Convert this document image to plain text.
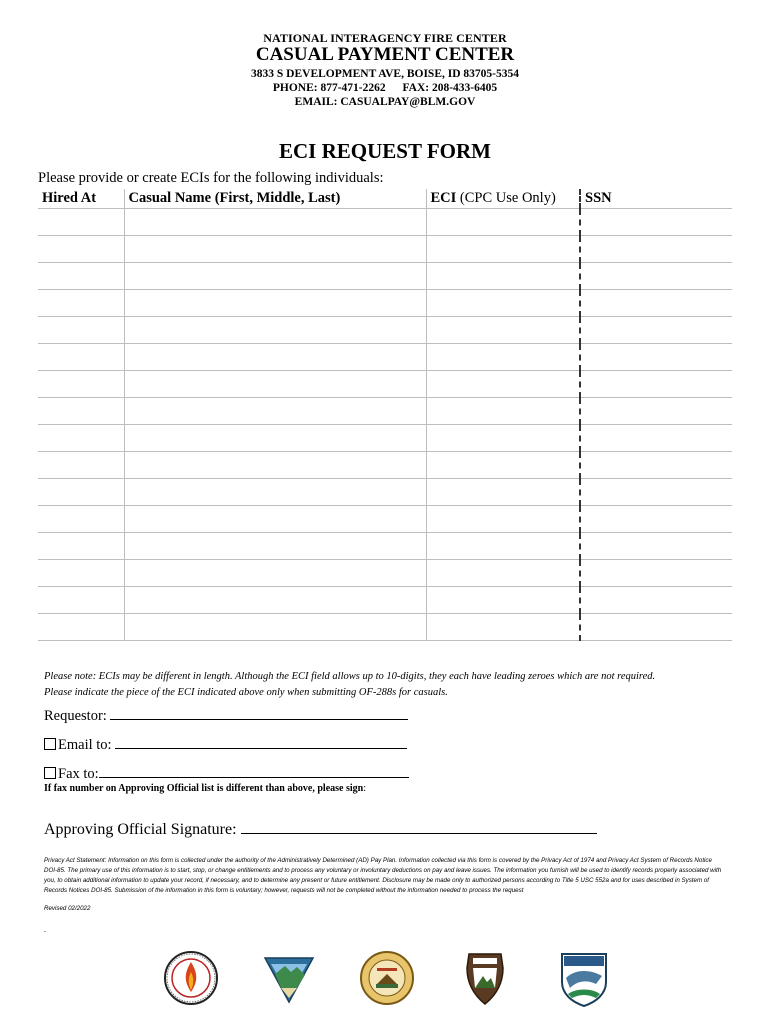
NATIONAL INTERAGENCY FIRE CENTER
CASUAL PAYMENT CENTER
3833 S DEVELOPMENT AVE, BOISE, ID 83705-5354
PHONE: 877-471-2262 FAX: 208-433-6405
EMAIL: CASUALPAY@BLM.GOV
ECI REQUEST FORM
Please provide or create ECIs for the following individuals:
Hired At	Casual Name (First, Middle, Last)	ECI (CPC Use Only)	SSN

Please note: ECIs may be different in length. Although the ECI field allows up to 10-digits, they each have leading zeroes which are not required.
Please indicate the piece of the ECI indicated above only when submitting OF-288s for casuals.
Requestor:
Email to:
Fax to:
If fax number on Approving Official list is different than above, please sign:
Approving Official Signature:
Privacy Act Statement: Information on this form is collected under the authority of the Administratively Determined (AD) Pay Plan. Information collected via this form is covered by the Privacy Act of 1974 and Privacy Act System of Records Notice DOI-85. The primary use of this information is to start, stop, or change entitlements and to process any voluntary or involuntary deductions on pay and leave issues. The information you furnish will be used to identify records properly associated with you, to obtain additional information to update your record, if necessary, and to determine any present or future entitlement. Disclosure may be made only to authorized persons according to Title 5 USC 552a and for uses described in System of Records Notices DOI-85. Submission of the information in this form is voluntary; however, requests will not be completed without the information needed to process the request
Revised 02/2022
.
